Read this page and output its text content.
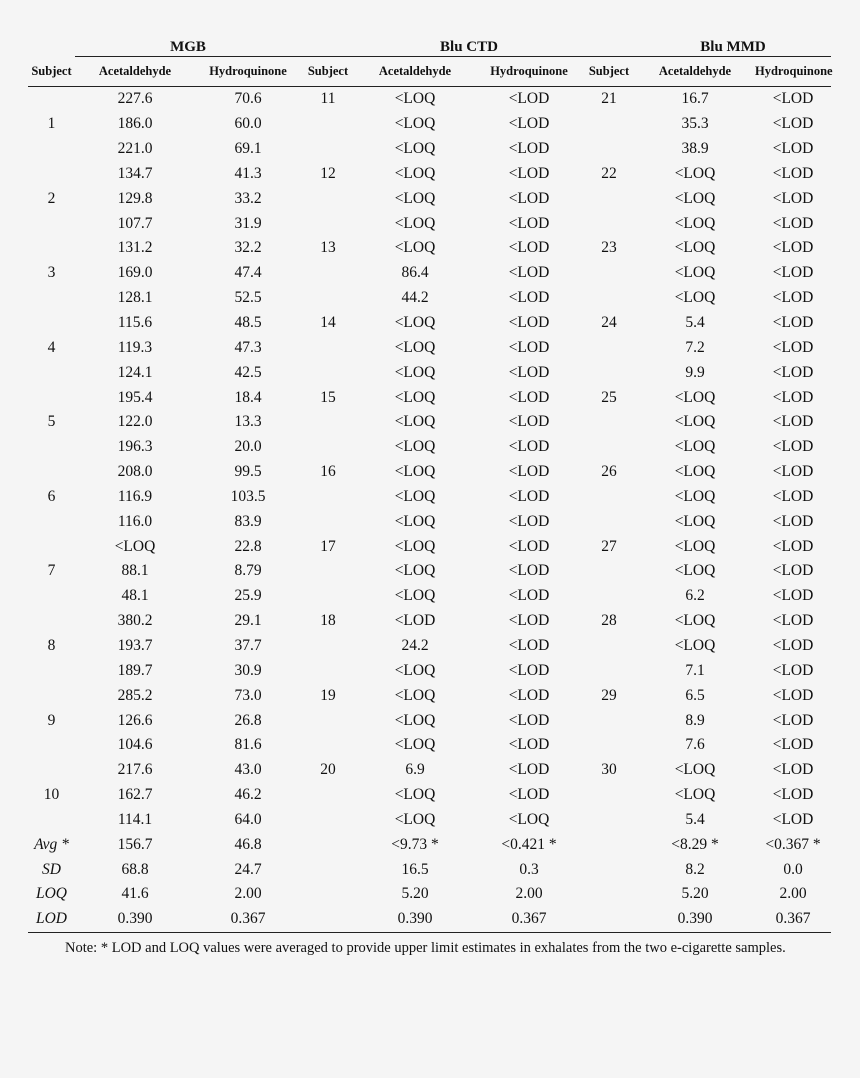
	MGB			Blu CTD			Blu MMD	
Subject	Acetaldehyde	Hydroquinone	Subject	Acetaldehyde	Hydroquinone	Subject	Acetaldehyde	Hydroquinone
	227.6	70.6	11	<LOQ	<LOD	21	16.7	<LOD
1	186.0	60.0		<LOQ	<LOD		35.3	<LOD
	221.0	69.1		<LOQ	<LOD		38.9	<LOD
	134.7	41.3	12	<LOQ	<LOD	22	<LOQ	<LOD
2	129.8	33.2		<LOQ	<LOD		<LOQ	<LOD
	107.7	31.9		<LOQ	<LOD		<LOQ	<LOD
	131.2	32.2	13	<LOQ	<LOD	23	<LOQ	<LOD
3	169.0	47.4		86.4	<LOD		<LOQ	<LOD
	128.1	52.5		44.2	<LOD		<LOQ	<LOD
	115.6	48.5	14	<LOQ	<LOD	24	5.4	<LOD
4	119.3	47.3		<LOQ	<LOD		7.2	<LOD
	124.1	42.5		<LOQ	<LOD		9.9	<LOD
	195.4	18.4	15	<LOQ	<LOD	25	<LOQ	<LOD
5	122.0	13.3		<LOQ	<LOD		<LOQ	<LOD
	196.3	20.0		<LOQ	<LOD		<LOQ	<LOD
	208.0	99.5	16	<LOQ	<LOD	26	<LOQ	<LOD
6	116.9	103.5		<LOQ	<LOD		<LOQ	<LOD
	116.0	83.9		<LOQ	<LOD		<LOQ	<LOD
	<LOQ	22.8	17	<LOQ	<LOD	27	<LOQ	<LOD
7	88.1	8.79		<LOQ	<LOD		<LOQ	<LOD
	48.1	25.9		<LOQ	<LOD		6.2	<LOD
	380.2	29.1	18	<LOD	<LOD	28	<LOQ	<LOD
8	193.7	37.7		24.2	<LOD		<LOQ	<LOD
	189.7	30.9		<LOQ	<LOD		7.1	<LOD
	285.2	73.0	19	<LOQ	<LOD	29	6.5	<LOD
9	126.6	26.8		<LOQ	<LOD		8.9	<LOD
	104.6	81.6		<LOQ	<LOD		7.6	<LOD
	217.6	43.0	20	6.9	<LOD	30	<LOQ	<LOD
10	162.7	46.2		<LOQ	<LOD		<LOQ	<LOD
	114.1	64.0		<LOQ	<LOQ		5.4	<LOD
Avg *	156.7	46.8		<9.73 *	<0.421 *		<8.29 *	<0.367 *
SD	68.8	24.7		16.5	0.3		8.2	0.0
LOQ	41.6	2.00		5.20	2.00		5.20	2.00
LOD	0.390	0.367		0.390	0.367		0.390	0.367
Note: * LOD and LOQ values were averaged to provide upper limit estimates in exhalates from the two e-cigarette samples.
